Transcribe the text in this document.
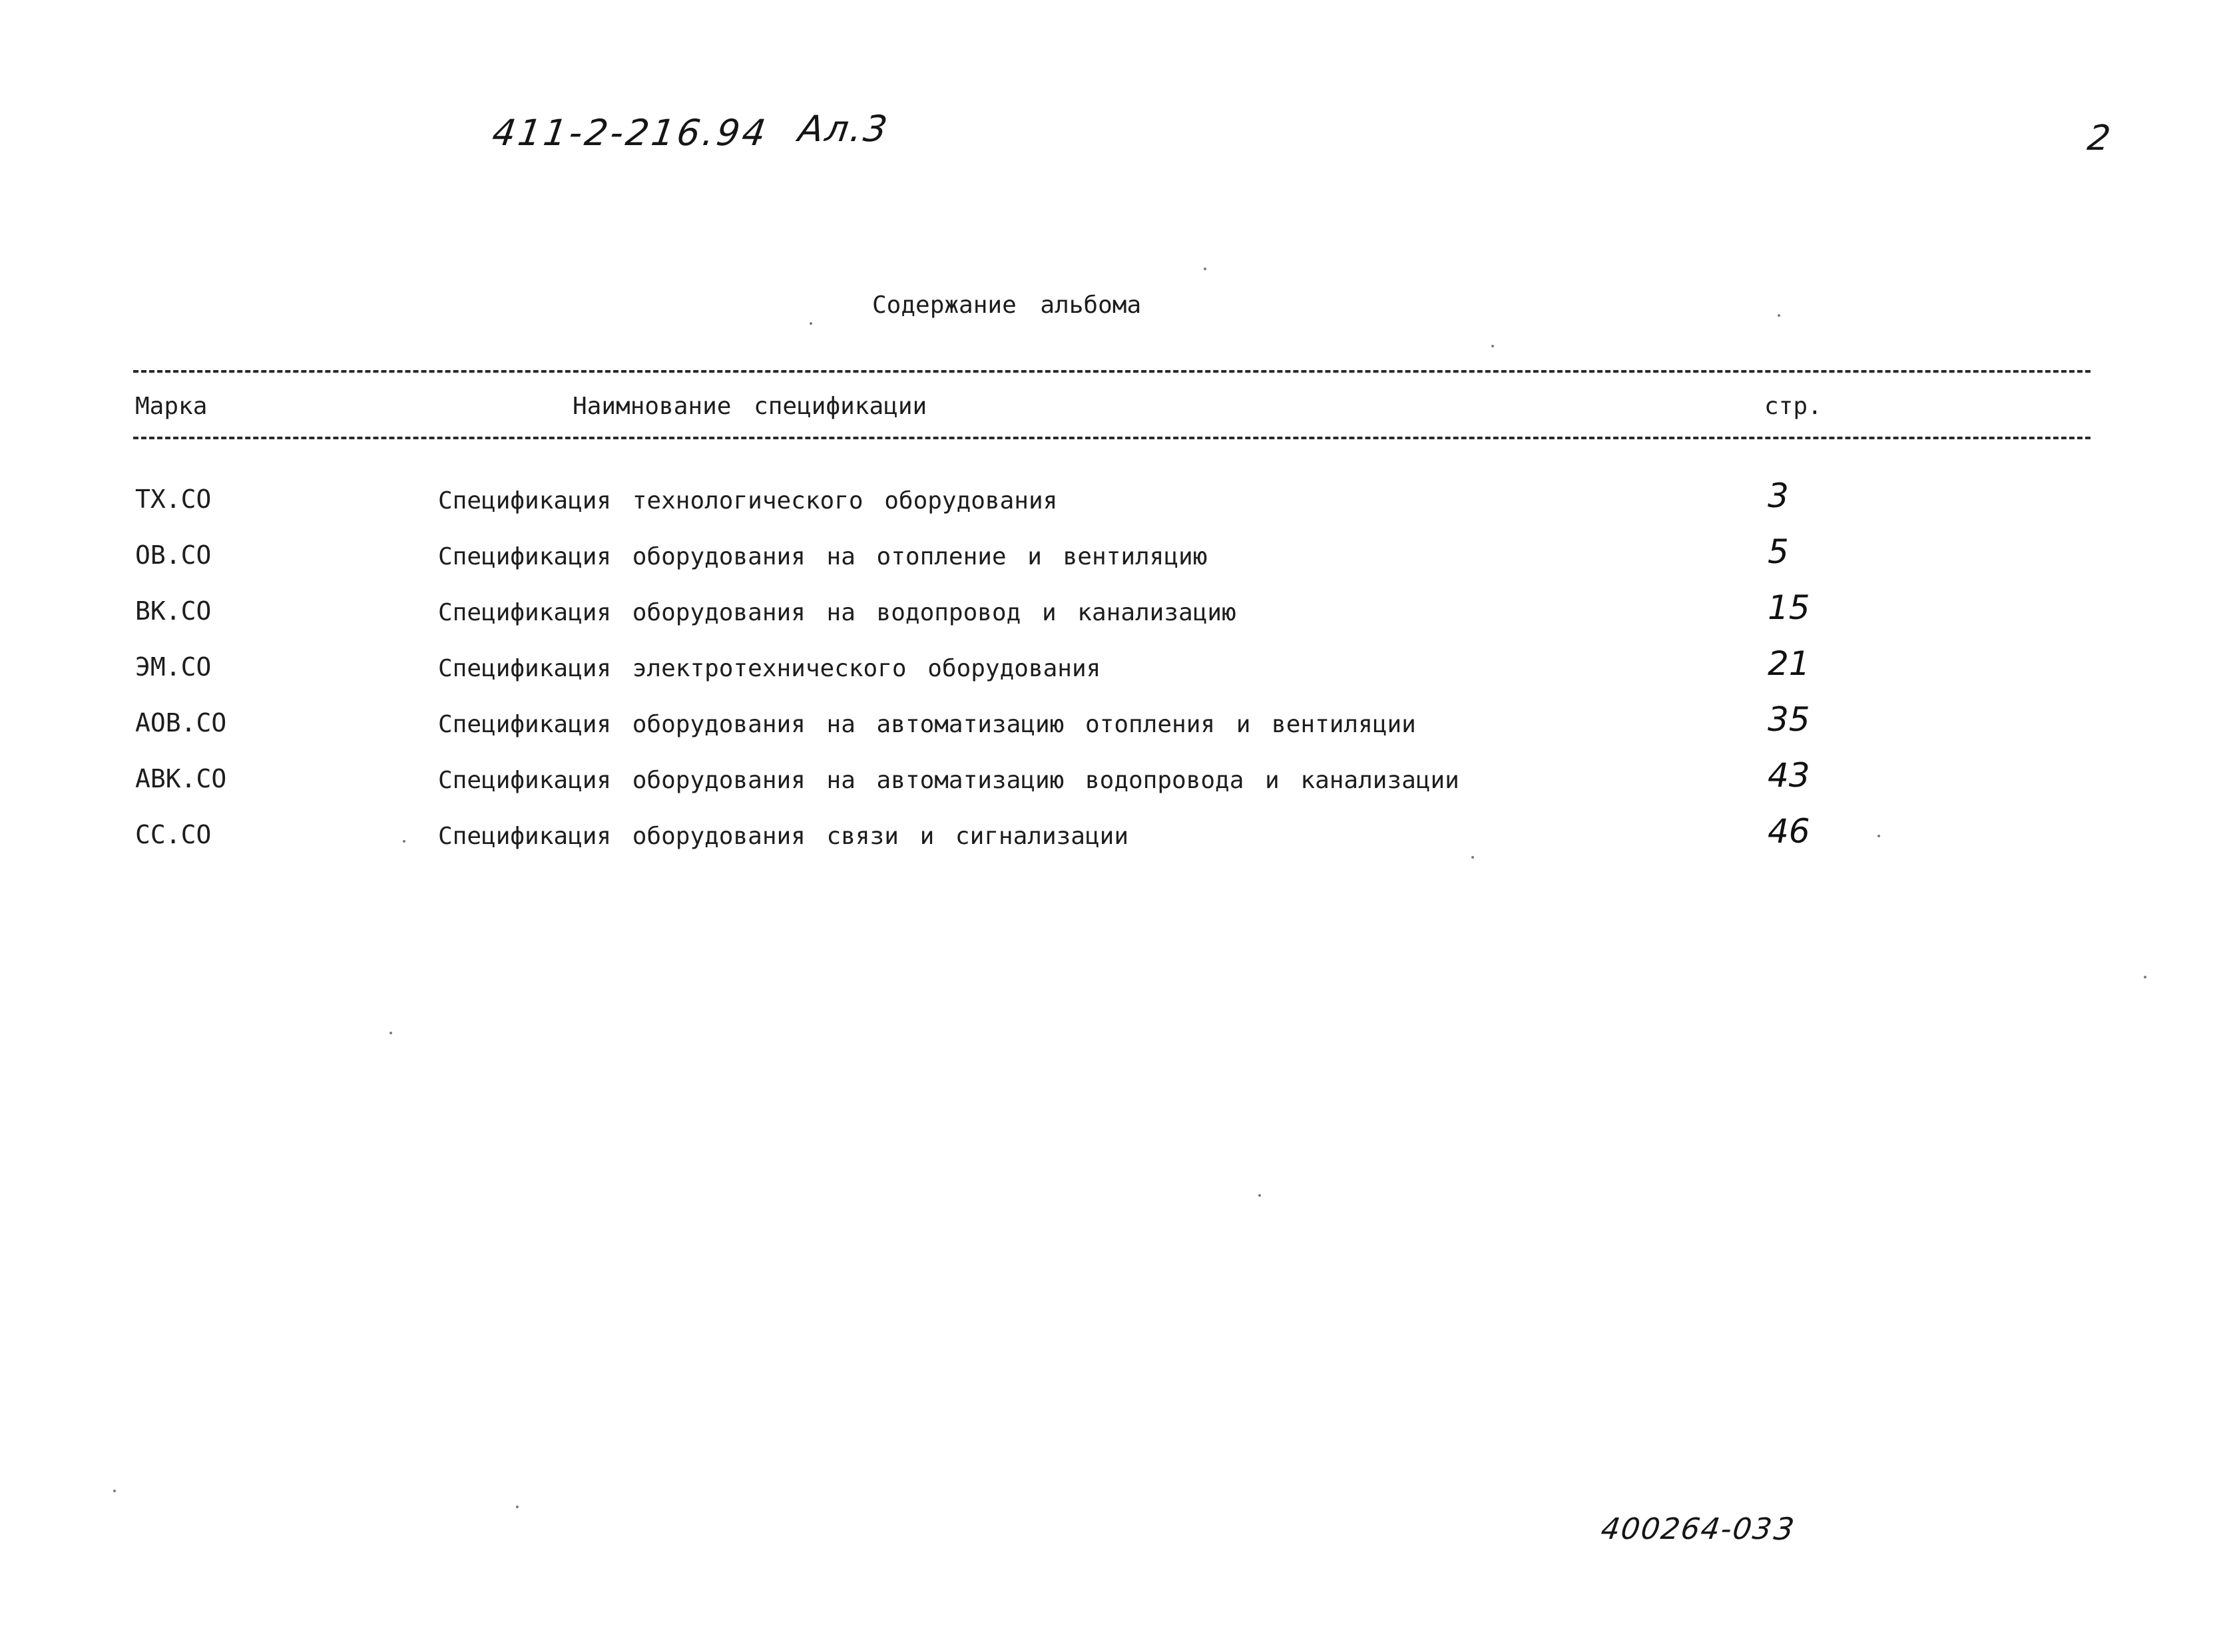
411-2-216.94 Ал.3	2
Содержание альбома
Марка	Наимнование спецификации	стр.
ТХ.СО	Спецификация технологического оборудования	3
ОВ.СО	Спецификация оборудования на отопление и вентиляцию	5
ВК.СО	Спецификация оборудования на водопровод и канализацию	15
ЭМ.СО	Спецификация электротехнического оборудования	21
АОВ.СО	Спецификация оборудования на автоматизацию отопления и вентиляции	35
АВК.СО	Спецификация оборудования на автоматизацию водопровода и канализации	43
СС.СО	Спецификация оборудования связи и сигнализации	46
400264-03
3
